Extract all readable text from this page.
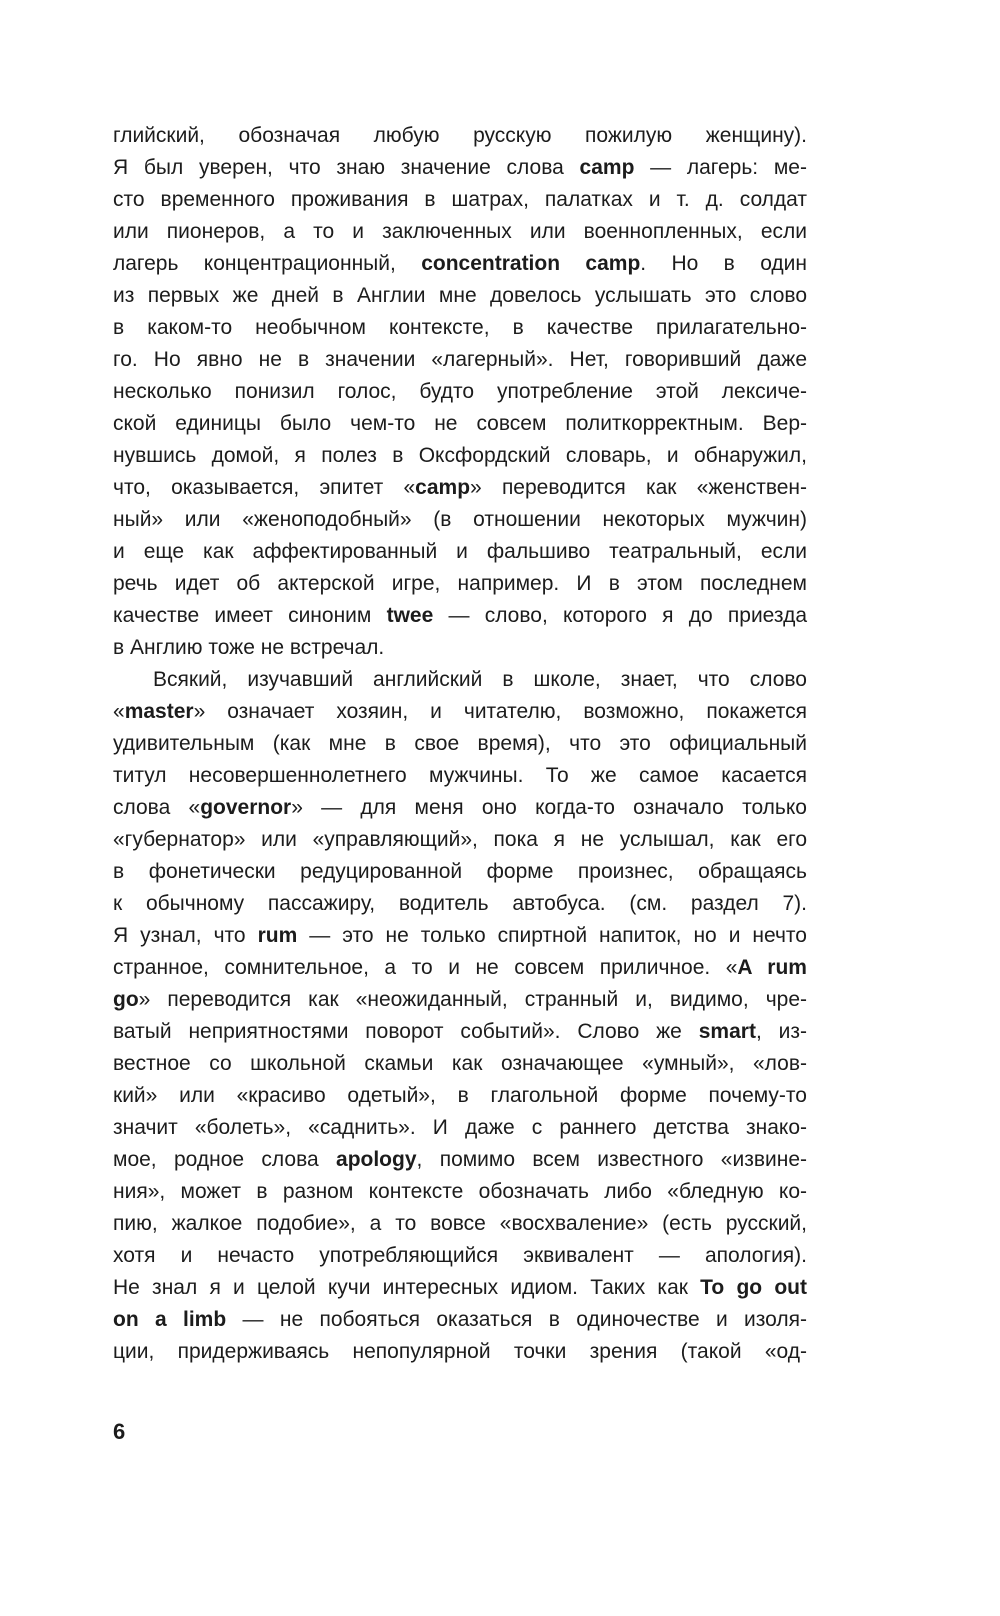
глийский, обозначая любую русскую пожилую женщину).
Я был уверен, что знаю значение слова camp — лагерь: ме-
сто временного проживания в шатрах, палатках и т. д. солдат
или пионеров, а то и заключенных или военнопленных, если
лагерь концентрационный, concentration camp. Но в один
из первых же дней в Англии мне довелось услышать это слово
в каком-то необычном контексте, в качестве прилагательно-
го. Но явно не в значении «лагерный». Нет, говоривший даже
несколько понизил голос, будто употребление этой лексиче-
ской единицы было чем-то не совсем политкорректным. Вер-
нувшись домой, я полез в Оксфордский словарь, и обнаружил,
что, оказывается, эпитет «camp» переводится как «женствен-
ный» или «женоподобный» (в отношении некоторых мужчин)
и еще как аффектированный и фальшиво театральный, если
речь идет об актерской игре, например. И в этом последнем
качестве имеет синоним twee — слово, которого я до приезда
в Англию тоже не встречал.
Всякий, изучавший английский в школе, знает, что слово
«master» означает хозяин, и читателю, возможно, покажется
удивительным (как мне в свое время), что это официальный
титул несовершеннолетнего мужчины. То же самое касается
слова «governor» — для меня оно когда-то означало только
«губернатор» или «управляющий», пока я не услышал, как его
в фонетически редуцированной форме произнес, обращаясь
к обычному пассажиру, водитель автобуса. (см. раздел 7).
Я узнал, что rum — это не только спиртной напиток, но и нечто
странное, сомнительное, а то и не совсем приличное. «A rum
go» переводится как «неожиданный, странный и, видимо, чре-
ватый неприятностями поворот событий». Слово же smart, из-
вестное со школьной скамьи как означающее «умный», «лов-
кий» или «красиво одетый», в глагольной форме почему-то
значит «болеть», «саднить». И даже с раннего детства знако-
мое, родное слова apology, помимо всем известного «извине-
ния», может в разном контексте обозначать либо «бледную ко-
пию, жалкое подобие», а то вовсе «восхваление» (есть русский,
хотя и нечасто употребляющийся эквивалент — апология).
Не знал я и целой кучи интересных идиом. Таких как To go out
on a limb — не побояться оказаться в одиночестве и изоля-
ции, придерживаясь непопулярной точки зрения (такой «од-
6
